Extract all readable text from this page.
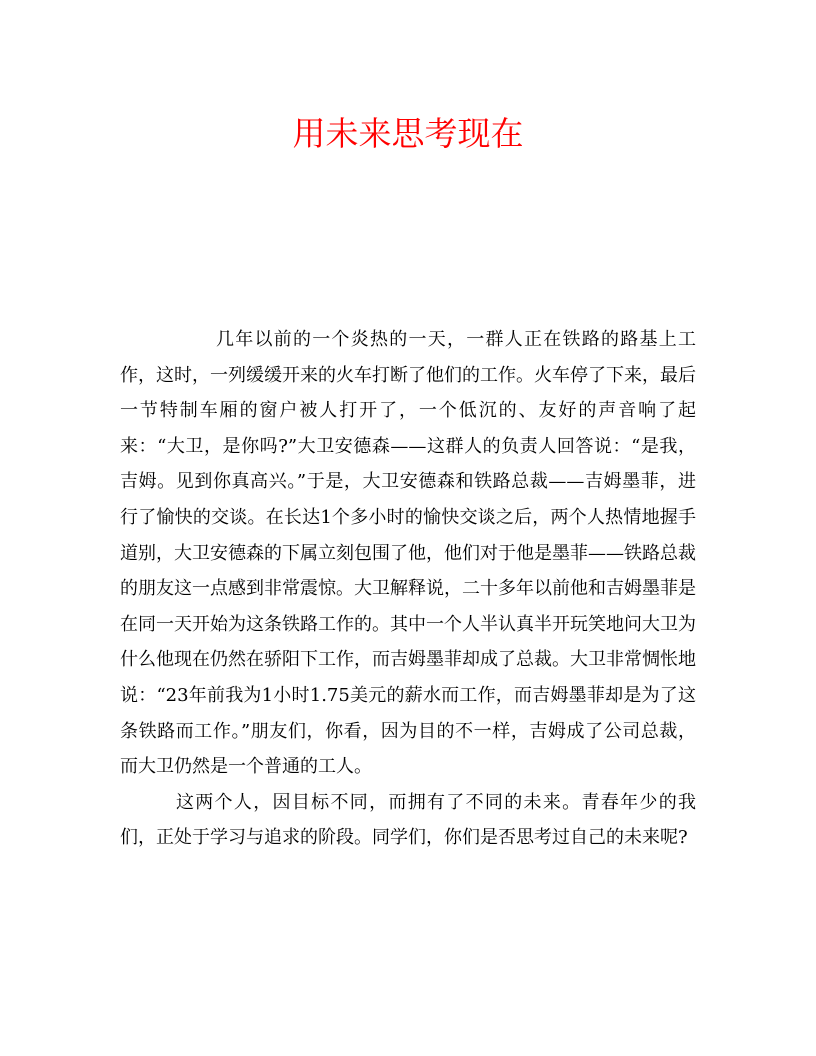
用未来思考现在

几年以前的一个炎热的一天，一群人正在铁路的路基上工作，这时，一列缓缓开来的火车打断了他们的工作。火车停了下来，最后一节特制车厢的窗户被人打开了，一个低沉的、友好的声音响了起来：“大卫，是你吗?”大卫安德森——这群人的负责人回答说：“是我，吉姆。见到你真高兴。”于是，大卫安德森和铁路总裁——吉姆墨菲，进行了愉快的交谈。在长达1个多小时的愉快交谈之后，两个人热情地握手道别，大卫安德森的下属立刻包围了他，他们对于他是墨菲——铁路总裁的朋友这一点感到非常震惊。大卫解释说，二十多年以前他和吉姆墨菲是在同一天开始为这条铁路工作的。其中一个人半认真半开玩笑地问大卫为什么他现在仍然在骄阳下工作，而吉姆墨菲却成了总裁。大卫非常惆怅地说：“23年前我为1小时1.75美元的薪水而工作，而吉姆墨菲却是为了这条铁路而工作。”朋友们，你看，因为目的不一样，吉姆成了公司总裁，而大卫仍然是一个普通的工人。

这两个人，因目标不同，而拥有了不同的未来。青春年少的我们，正处于学习与追求的阶段。同学们，你们是否思考过自己的未来呢?
